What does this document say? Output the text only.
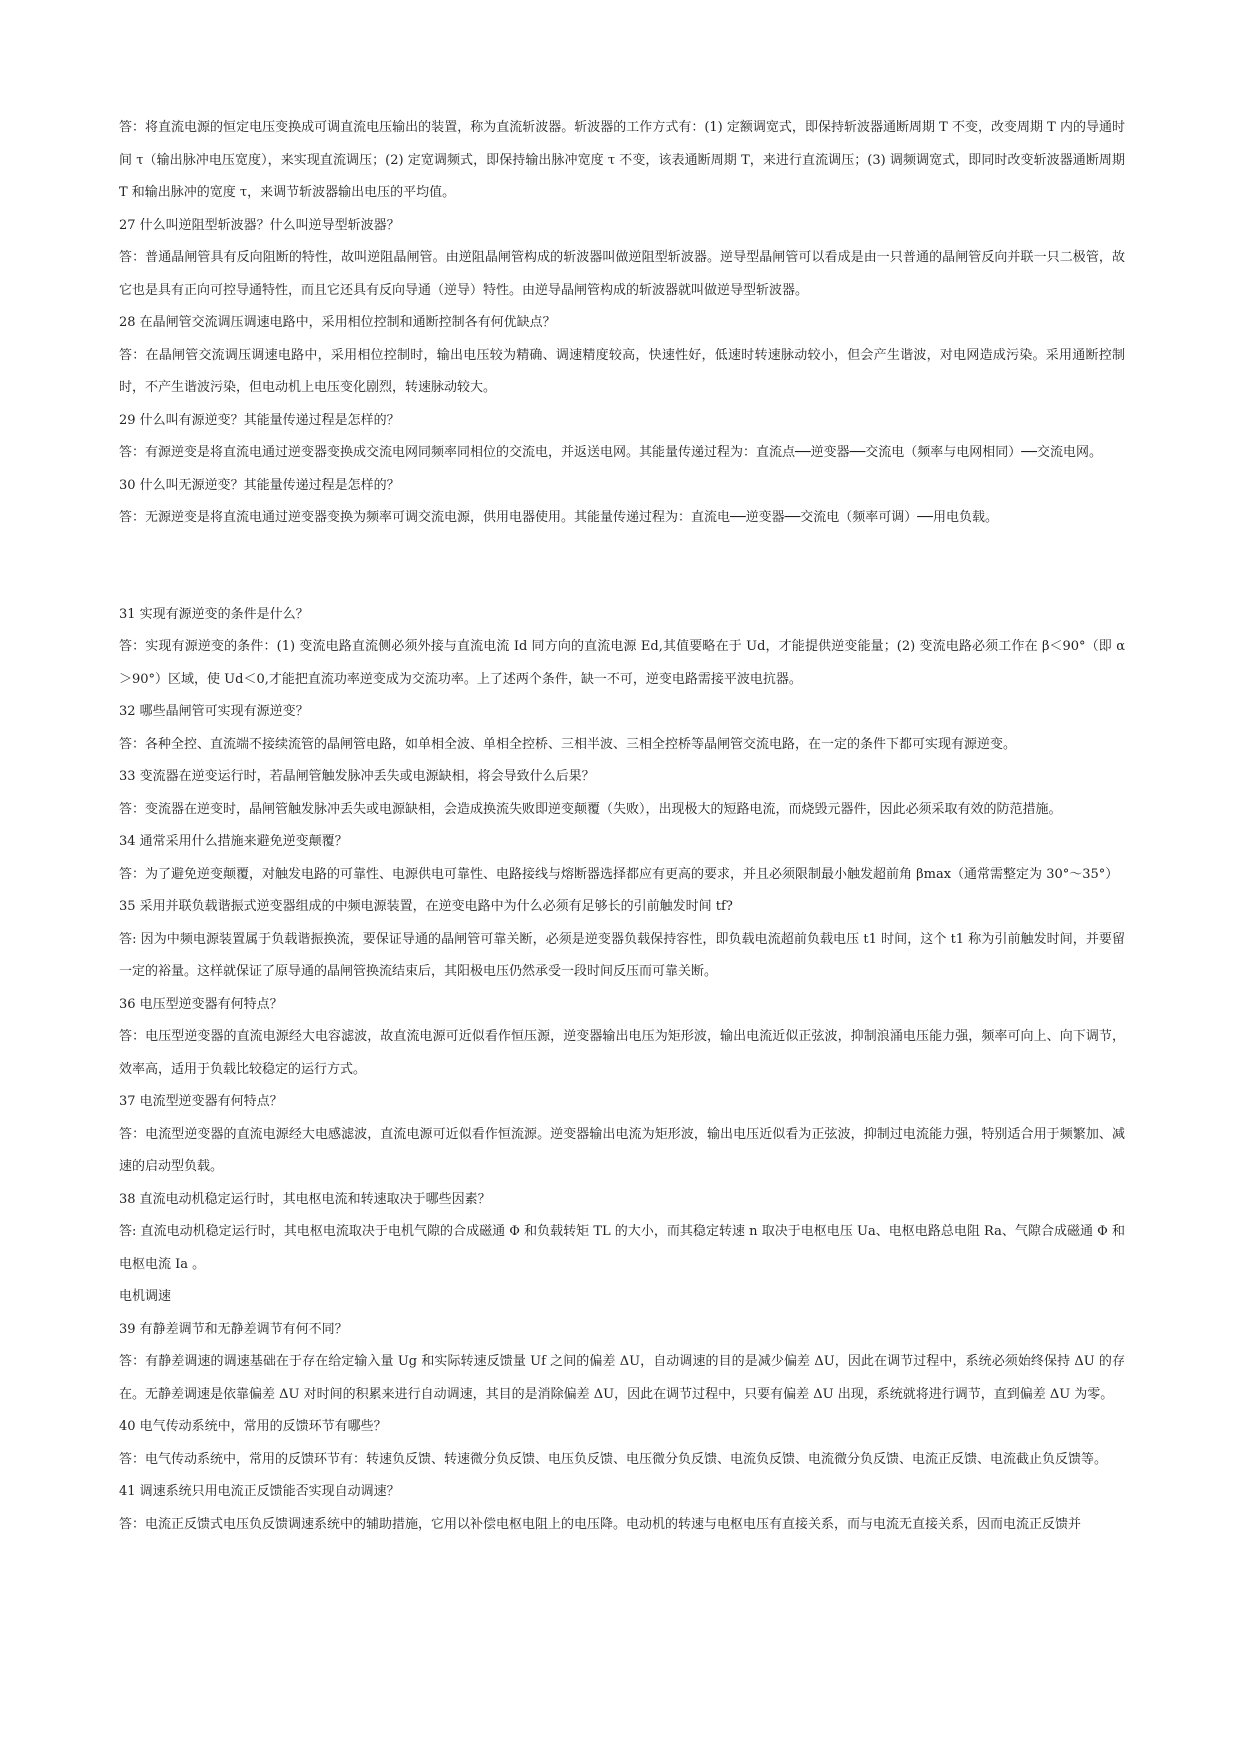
答：将直流电源的恒定电压变换成可调直流电压输出的装置，称为直流斩波器。斩波器的工作方式有：(1) 定额调宽式，即保持斩波器通断周期 T 不变，改变周期 T 内的导通时间 τ（输出脉冲电压宽度），来实现直流调压；(2) 定宽调频式，即保持输出脉冲宽度 τ 不变，该表通断周期 T，来进行直流调压；(3) 调频调宽式，即同时改变斩波器通断周期 T 和输出脉冲的宽度 τ，来调节斩波器输出电压的平均值。

27 什么叫逆阻型斩波器？什么叫逆导型斩波器？

答：普通晶闸管具有反向阻断的特性，故叫逆阻晶闸管。由逆阻晶闸管构成的斩波器叫做逆阻型斩波器。逆导型晶闸管可以看成是由一只普通的晶闸管反向并联一只二极管，故它也是具有正向可控导通特性，而且它还具有反向导通（逆导）特性。由逆导晶闸管构成的斩波器就叫做逆导型斩波器。

28 在晶闸管交流调压调速电路中，采用相位控制和通断控制各有何优缺点？

答：在晶闸管交流调压调速电路中，采用相位控制时，输出电压较为精确、调速精度较高，快速性好，低速时转速脉动较小，但会产生谐波，对电网造成污染。采用通断控制时，不产生谐波污染，但电动机上电压变化剧烈，转速脉动较大。

29 什么叫有源逆变？其能量传递过程是怎样的？

答：有源逆变是将直流电通过逆变器变换成交流电网同频率同相位的交流电，并返送电网。其能量传递过程为：直流点──逆变器──交流电（频率与电网相同）──交流电网。

30 什么叫无源逆变？其能量传递过程是怎样的？

答：无源逆变是将直流电通过逆变器变换为频率可调交流电源，供用电器使用。其能量传递过程为：直流电──逆变器──交流电（频率可调）──用电负载。

31 实现有源逆变的条件是什么？

答：实现有源逆变的条件：(1) 变流电路直流侧必须外接与直流电流 Id 同方向的直流电源 Ed,其值要略在于 Ud，才能提供逆变能量；(2) 变流电路必须工作在 β＜90°（即 α＞90°）区域，使 Ud＜0,才能把直流功率逆变成为交流功率。上了述两个条件，缺一不可，逆变电路需接平波电抗器。

32 哪些晶闸管可实现有源逆变？

答：各种全控、直流端不接续流管的晶闸管电路，如单相全波、单相全控桥、三相半波、三相全控桥等晶闸管交流电路，在一定的条件下都可实现有源逆变。

33 变流器在逆变运行时，若晶闸管触发脉冲丢失或电源缺相，将会导致什么后果？

答：变流器在逆变时，晶闸管触发脉冲丢失或电源缺相，会造成换流失败即逆变颠覆（失败），出现极大的短路电流，而烧毁元器件，因此必须采取有效的防范措施。

34 通常采用什么措施来避免逆变颠覆？

答：为了避免逆变颠覆，对触发电路的可靠性、电源供电可靠性、电路接线与熔断器选择都应有更高的要求，并且必须限制最小触发超前角 βmax（通常需整定为 30°～35°）

35 采用并联负载谐振式逆变器组成的中频电源装置，在逆变电路中为什么必须有足够长的引前触发时间 tf?

答: 因为中频电源装置属于负载谐振换流，要保证导通的晶闸管可靠关断，必须是逆变器负载保持容性，即负载电流超前负载电压 t1 时间，这个 t1 称为引前触发时间，并要留一定的裕量。这样就保证了原导通的晶闸管换流结束后，其阳极电压仍然承受一段时间反压而可靠关断。

36 电压型逆变器有何特点？

答：电压型逆变器的直流电源经大电容滤波，故直流电源可近似看作恒压源，逆变器输出电压为矩形波，输出电流近似正弦波，抑制浪涌电压能力强，频率可向上、向下调节，效率高，适用于负载比较稳定的运行方式。

37 电流型逆变器有何特点？

答：电流型逆变器的直流电源经大电感滤波，直流电源可近似看作恒流源。逆变器输出电流为矩形波，输出电压近似看为正弦波，抑制过电流能力强，特别适合用于频繁加、减速的启动型负载。

38 直流电动机稳定运行时，其电枢电流和转速取决于哪些因素？

答: 直流电动机稳定运行时，其电枢电流取决于电机气隙的合成磁通 Φ 和负载转矩 TL 的大小，而其稳定转速 n 取决于电枢电压 Ua、电枢电路总电阻 Ra、气隙合成磁通 Φ 和电枢电流 Ia 。

电机调速

39 有静差调节和无静差调节有何不同？

答：有静差调速的调速基础在于存在给定输入量 Ug 和实际转速反馈量 Uf 之间的偏差 ΔU，自动调速的目的是减少偏差 ΔU，因此在调节过程中，系统必须始终保持 ΔU 的存在。无静差调速是依靠偏差 ΔU 对时间的积累来进行自动调速，其目的是消除偏差 ΔU，因此在调节过程中，只要有偏差 ΔU 出现，系统就将进行调节，直到偏差 ΔU 为零。

40 电气传动系统中，常用的反馈环节有哪些？

答：电气传动系统中，常用的反馈环节有：转速负反馈、转速微分负反馈、电压负反馈、电压微分负反馈、电流负反馈、电流微分负反馈、电流正反馈、电流截止负反馈等。

41 调速系统只用电流正反馈能否实现自动调速？

答：电流正反馈式电压负反馈调速系统中的辅助措施，它用以补偿电枢电阻上的电压降。电动机的转速与电枢电压有直接关系，而与电流无直接关系，因而电流正反馈并
